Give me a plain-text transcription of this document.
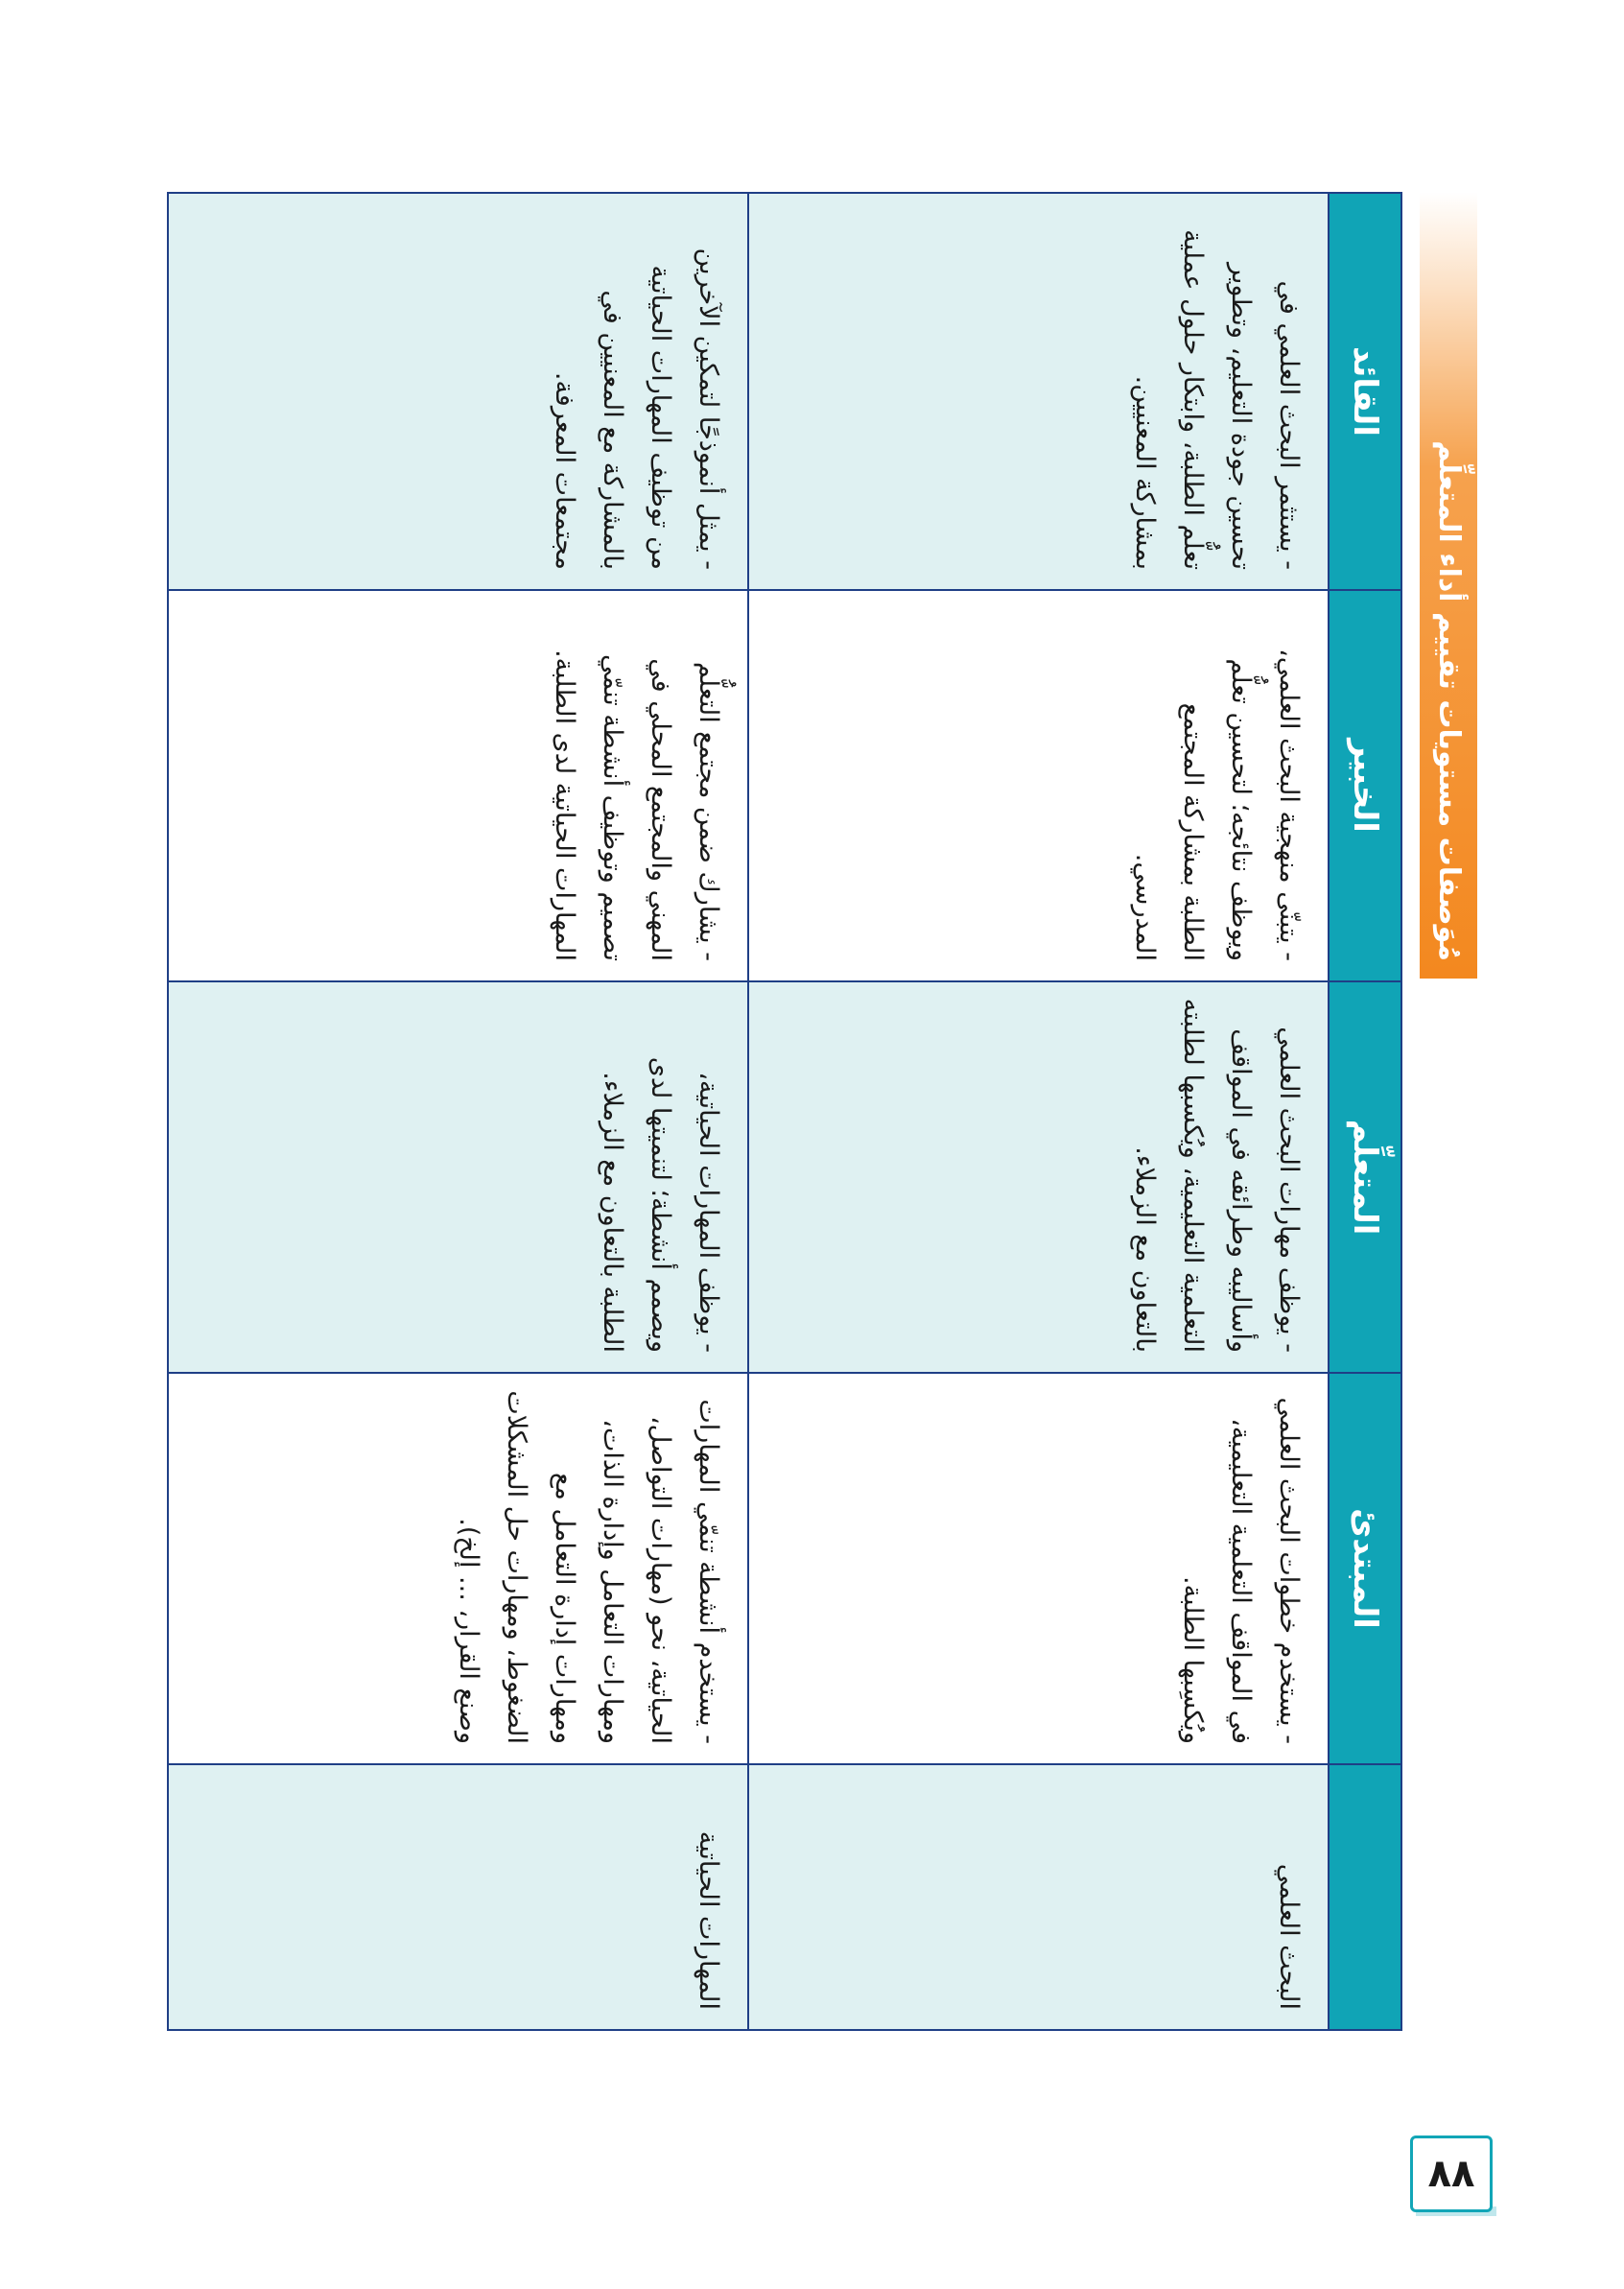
مُوَصفات مستويات تقييم أداء المتعلِّم
	المبتدئ	المتعلِّم	الخبير	القائد
البحث العلمي	- يستخدم خطوات البحث العلمي في المواقف التعلمية التعليمية، ويُكسِبها الطلبة.	- يوظف مهارات البحث العلمي وأساليبه وطرائقه في المواقف التعلمية التعليمية، ويُكسبها لطلبته بالتعاون مع الزملاء.	- يتبنّى منهجية البحث العلمي، ويوظف نتائجه؛ لتحسين تعلُّم الطلبة بمشاركة المجتمع المدرسي.	- يستثمر البحث العلمي في تحسين جودة التعليم، وتطوير تعلُّم الطلبة، وابتكار حلول عملية بمشاركة المعنيين.
المهارات الحياتية	- يستخدم أنشطة تنمّي المهارات الحياتية، نحو (مهارات التواصل، ومهارات التعامل وإدارة الذات، ومهارات إدارة التعامل مع الضغوط، ومهارات حل المشكلات وصنع القرار، ... إلخ).	- يوظف المهارات الحياتية، ويصمم أنشطة؛ لتنميتها لدى الطلبة بالتعاون مع الزملاء.	- يشارك ضمن مجتمع التعلُّم المهني والمجتمع المحلي في تصميم وتوظيف أنشطة تنمّي المهارات الحياتية لدى الطلبة.	- يمثل أنموذجًا لتمكين الآخرين من توظيف المهارات الحياتية بالمشاركة مع المعنيين في مجتمعات المعرفة.
٨٨
